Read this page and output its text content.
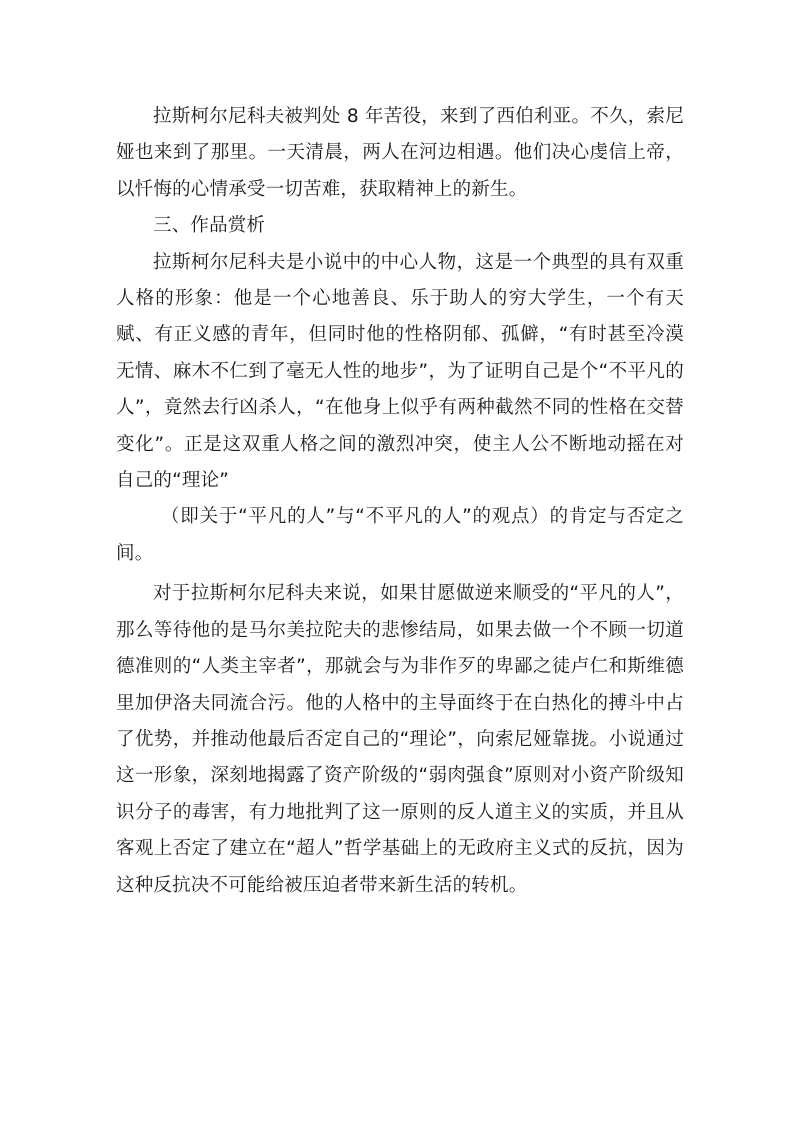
拉斯柯尔尼科夫被判处 8 年苦役，来到了西伯利亚。不久，索尼娅也来到了那里。一天清晨，两人在河边相遇。他们决心虔信上帝，以忏悔的心情承受一切苦难，获取精神上的新生。

三、作品赏析

拉斯柯尔尼科夫是小说中的中心人物，这是一个典型的具有双重人格的形象：他是一个心地善良、乐于助人的穷大学生，一个有天赋、有正义感的青年，但同时他的性格阴郁、孤僻，“有时甚至冷漠无情、麻木不仁到了毫无人性的地步”，为了证明自己是个“不平凡的人”，竟然去行凶杀人，“在他身上似乎有两种截然不同的性格在交替变化”。正是这双重人格之间的激烈冲突，使主人公不断地动摇在对自己的“理论”

（即关于“平凡的人”与“不平凡的人”的观点）的肯定与否定之间。

对于拉斯柯尔尼科夫来说，如果甘愿做逆来顺受的“平凡的人”，那么等待他的是马尔美拉陀夫的悲惨结局，如果去做一个不顾一切道德准则的“人类主宰者”，那就会与为非作歹的卑鄙之徒卢仁和斯维德里加伊洛夫同流合污。他的人格中的主导面终于在白热化的搏斗中占了优势，并推动他最后否定自己的“理论”，向索尼娅靠拢。小说通过这一形象，深刻地揭露了资产阶级的“弱肉强食”原则对小资产阶级知识分子的毒害，有力地批判了这一原则的反人道主义的实质，并且从客观上否定了建立在“超人”哲学基础上的无政府主义式的反抗，因为这种反抗决不可能给被压迫者带来新生活的转机。
